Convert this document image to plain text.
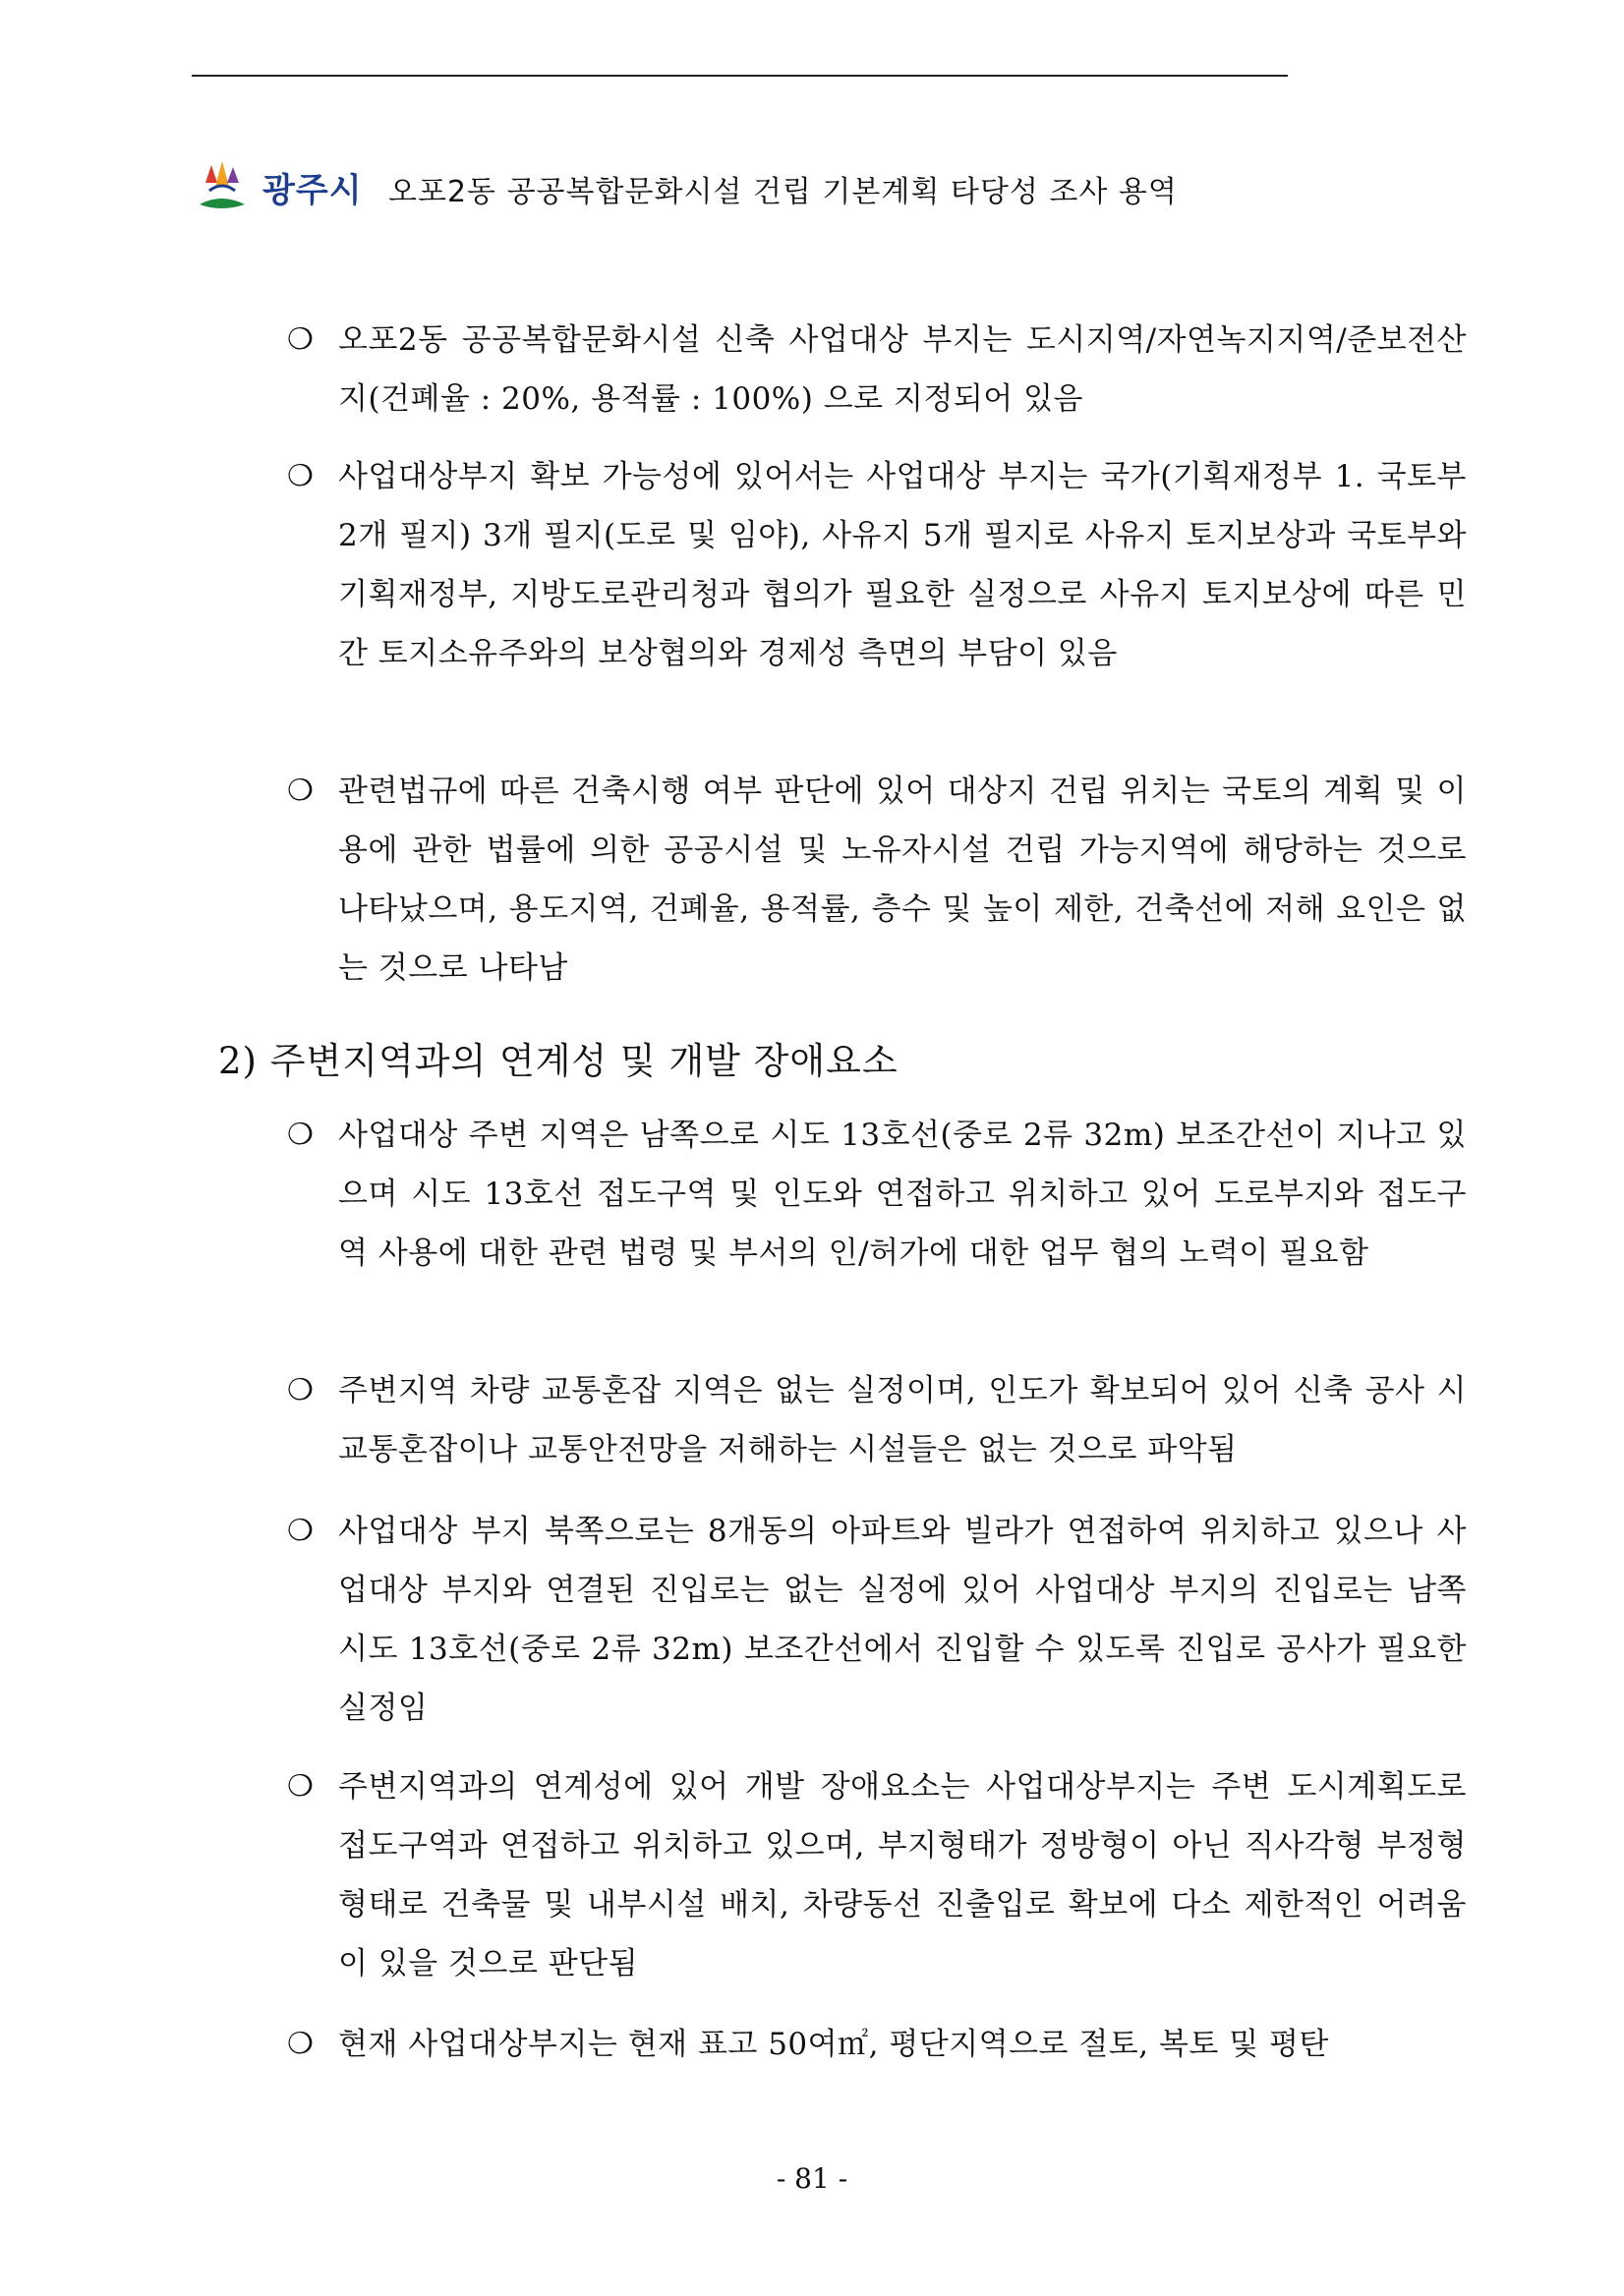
광주시 오포2동 공공복합문화시설 건립 기본계획 타당성 조사 용역
❍ 오포2동 공공복합문화시설 신축 사업대상 부지는 도시지역/자연녹지지역/준보전산지(건폐율 : 20%, 용적률 : 100%) 으로 지정되어 있음
❍ 사업대상부지 확보 가능성에 있어서는 사업대상 부지는 국가(기획재정부 1. 국토부 2개 필지) 3개 필지(도로 및 임야), 사유지 5개 필지로 사유지 토지보상과 국토부와 기획재정부, 지방도로관리청과 협의가 필요한 실정으로 사유지 토지보상에 따른 민간 토지소유주와의 보상협의와 경제성 측면의 부담이 있음
❍ 관련법규에 따른 건축시행 여부 판단에 있어 대상지 건립 위치는 국토의 계획 및 이용에 관한 법률에 의한 공공시설 및 노유자시설 건립 가능지역에 해당하는 것으로 나타났으며, 용도지역, 건폐율, 용적률, 층수 및 높이 제한, 건축선에 저해 요인은 없는 것으로 나타남
2) 주변지역과의 연계성 및 개발 장애요소
❍ 사업대상 주변 지역은 남쪽으로 시도 13호선(중로 2류 32m) 보조간선이 지나고 있으며 시도 13호선 접도구역 및 인도와 연접하고 위치하고 있어 도로부지와 접도구역 사용에 대한 관련 법령 및 부서의 인/허가에 대한 업무 협의 노력이 필요함
❍ 주변지역 차량 교통혼잡 지역은 없는 실정이며, 인도가 확보되어 있어 신축 공사 시 교통혼잡이나 교통안전망을 저해하는 시설들은 없는 것으로 파악됨
❍ 사업대상 부지 북쪽으로는 8개동의 아파트와 빌라가 연접하여 위치하고 있으나 사업대상 부지와 연결된 진입로는 없는 실정에 있어 사업대상 부지의 진입로는 남쪽 시도 13호선(중로 2류 32m) 보조간선에서 진입할 수 있도록 진입로 공사가 필요한 실정임
❍ 주변지역과의 연계성에 있어 개발 장애요소는 사업대상부지는 주변 도시계획도로 접도구역과 연접하고 위치하고 있으며, 부지형태가 정방형이 아닌 직사각형 부정형 형태로 건축물 및 내부시설 배치, 차량동선 진출입로 확보에 다소 제한적인 어려움이 있을 것으로 판단됨
❍ 현재 사업대상부지는 현재 표고 50여㎡, 평단지역으로 절토, 복토 및 평탄
- 81 -
